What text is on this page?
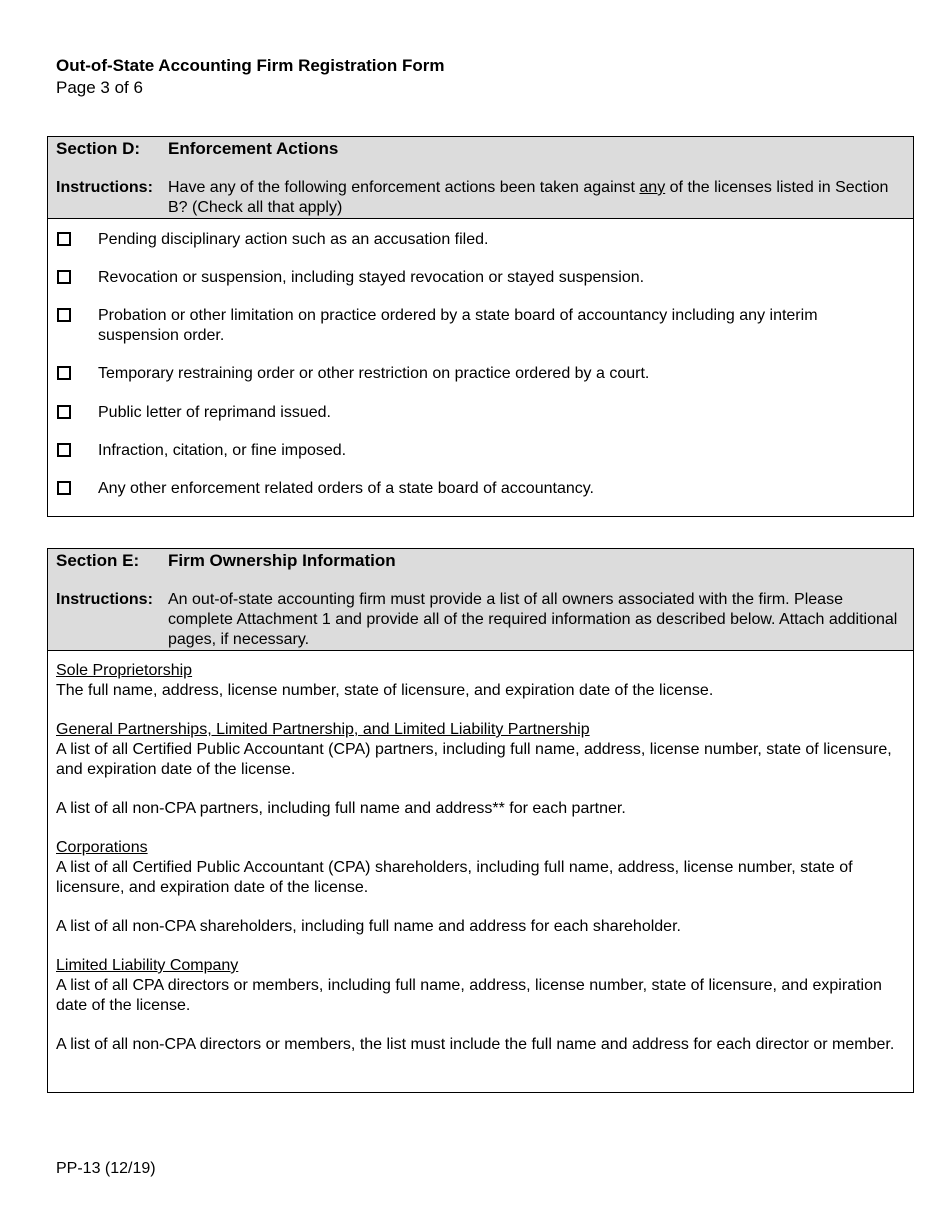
Out-of-State Accounting Firm Registration Form
Page 3 of 6
Section D: Enforcement Actions
Instructions: Have any of the following enforcement actions been taken against any of the licenses listed in Section B? (Check all that apply)
Pending disciplinary action such as an accusation filed.
Revocation or suspension, including stayed revocation or stayed suspension.
Probation or other limitation on practice ordered by a state board of accountancy including any interim suspension order.
Temporary restraining order or other restriction on practice ordered by a court.
Public letter of reprimand issued.
Infraction, citation, or fine imposed.
Any other enforcement related orders of a state board of accountancy.
Section E: Firm Ownership Information
Instructions: An out-of-state accounting firm must provide a list of all owners associated with the firm. Please complete Attachment 1 and provide all of the required information as described below. Attach additional pages, if necessary.

Sole Proprietorship

The full name, address, license number, state of licensure, and expiration date of the license.

General Partnerships, Limited Partnership, and Limited Liability Partnership

A list of all Certified Public Accountant (CPA) partners, including full name, address, license number, state of licensure, and expiration date of the license.

A list of all non-CPA partners, including full name and address** for each partner.

Corporations

A list of all Certified Public Accountant (CPA) shareholders, including full name, address, license number, state of licensure, and expiration date of the license.

A list of all non-CPA shareholders, including full name and address for each shareholder.

Limited Liability Company

A list of all CPA directors or members, including full name, address, license number, state of licensure, and expiration date of the license.

A list of all non-CPA directors or members, the list must include the full name and address for each director or member.

PP-13 (12/19)
